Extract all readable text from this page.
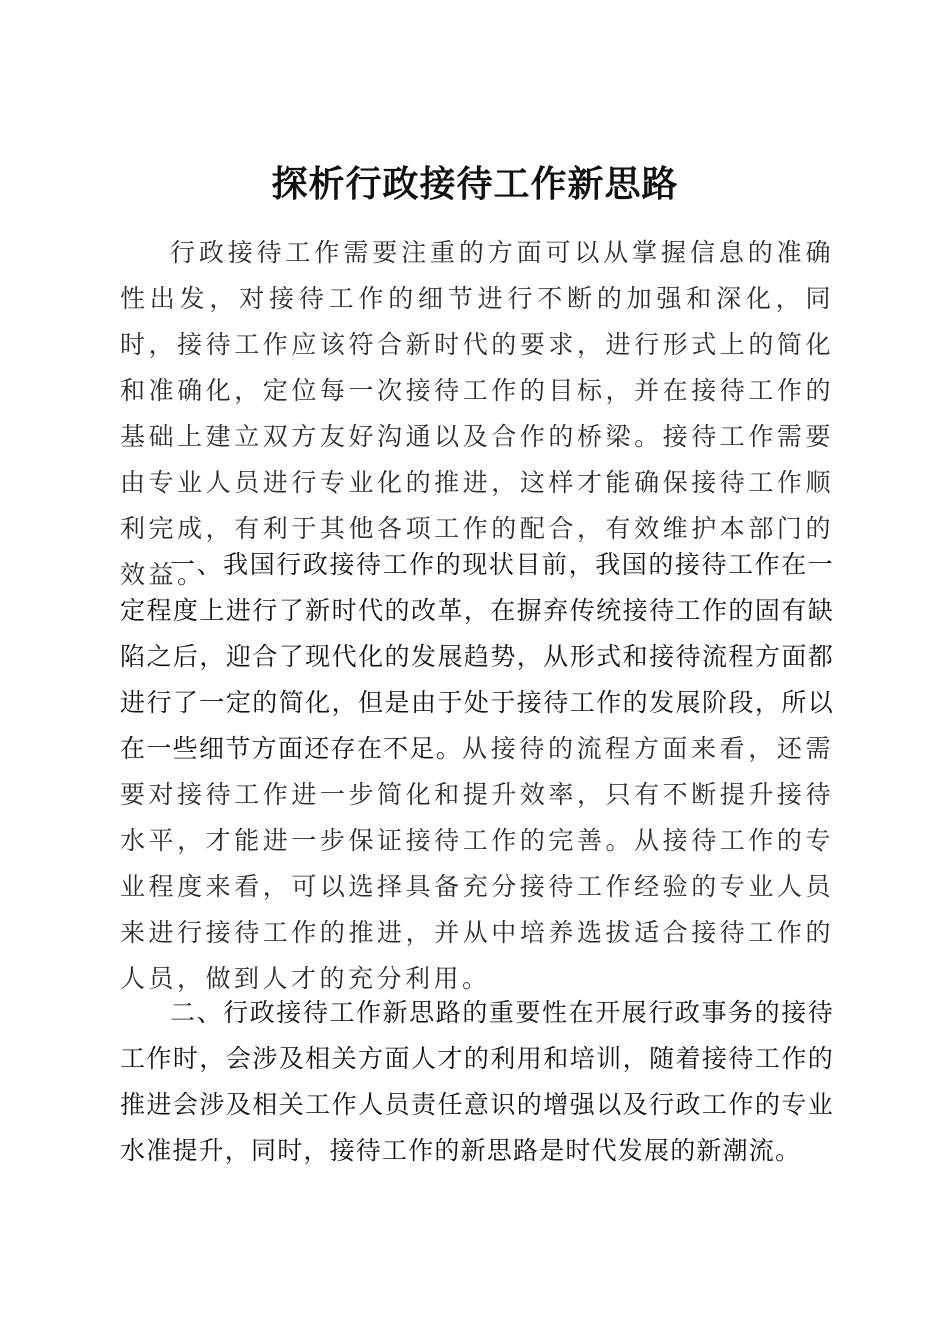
探析行政接待工作新思路

行政接待工作需要注重的方面可以从掌握信息的准确性出发，对接待工作的细节进行不断的加强和深化，同时，接待工作应该符合新时代的要求，进行形式上的简化和准确化，定位每一次接待工作的目标，并在接待工作的基础上建立双方友好沟通以及合作的桥梁。接待工作需要由专业人员进行专业化的推进，这样才能确保接待工作顺利完成，有利于其他各项工作的配合，有效维护本部门的效益。

一、我国行政接待工作的现状目前，我国的接待工作在一定程度上进行了新时代的改革，在摒弃传统接待工作的固有缺陷之后，迎合了现代化的发展趋势，从形式和接待流程方面都进行了一定的简化，但是由于处于接待工作的发展阶段，所以在一些细节方面还存在不足。从接待的流程方面来看，还需要对接待工作进一步简化和提升效率，只有不断提升接待水平，才能进一步保证接待工作的完善。从接待工作的专业程度来看，可以选择具备充分接待工作经验的专业人员来进行接待工作的推进，并从中培养选拔适合接待工作的人员，做到人才的充分利用。

二、行政接待工作新思路的重要性在开展行政事务的接待工作时，会涉及相关方面人才的利用和培训，随着接待工作的推进会涉及相关工作人员责任意识的增强以及行政工作的专业水准提升，同时，接待工作的新思路是时代发展的新潮流。
